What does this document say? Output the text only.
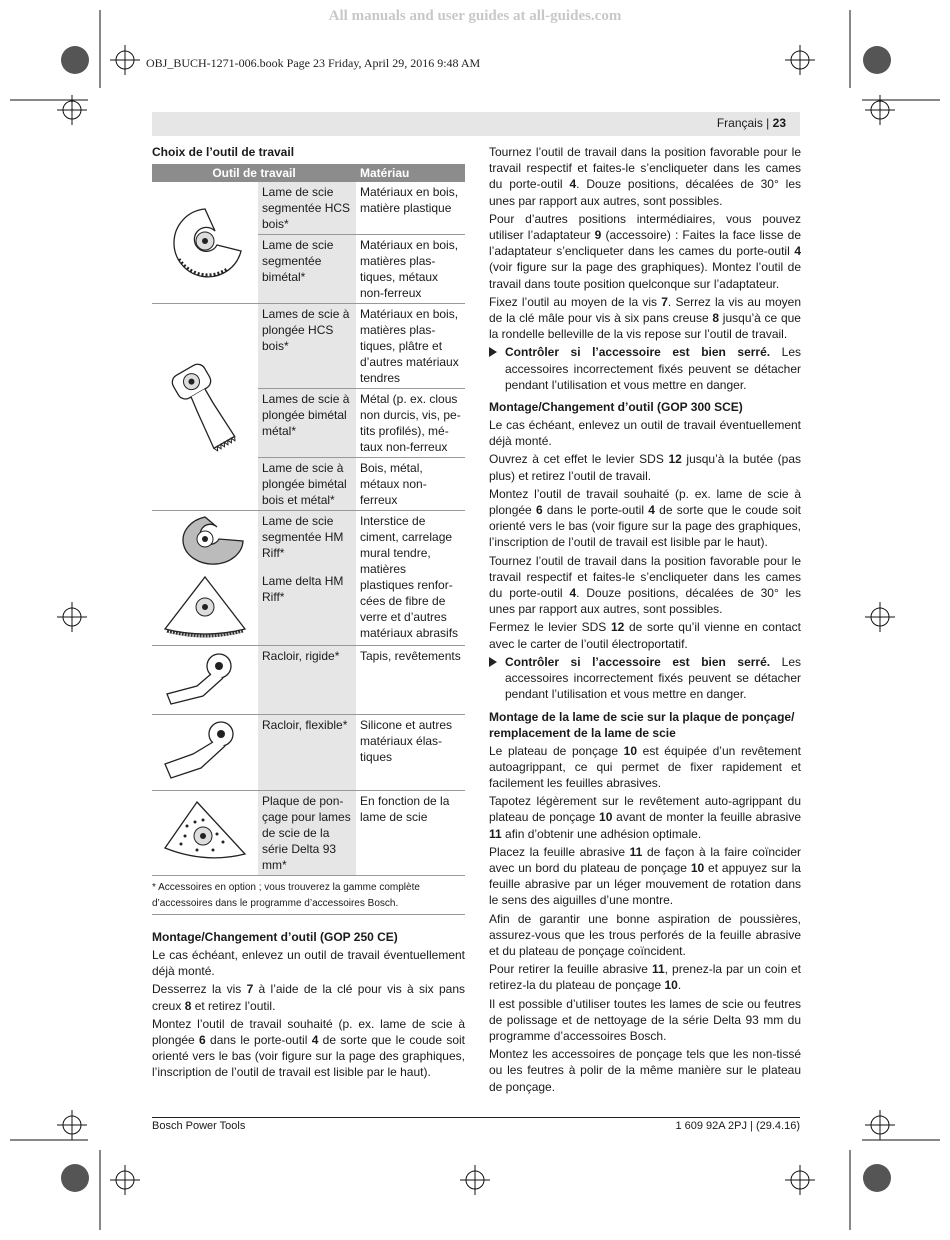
All manuals and user guides at all-guides.com
OBJ_BUCH-1271-006.book Page 23 Friday, April 29, 2016 9:48 AM
Français | 23
Choix de l’outil de travail
Outil de travail		Matériau
	Lame de scie segmentée HCS bois*	Matériaux en bois, matière plastique
	Lame de scie segmentée bimétal*	Matériaux en bois, matières plastiques, métaux non-ferreux
	Lames de scie à plongée HCS bois*	Matériaux en bois, matières plastiques, plâtre et d’autres matériaux tendres
	Lames de scie à plongée bimétal métal*	Métal (p. ex. clous non durcis, vis, petits profilés), métaux non-ferreux
	Lame de scie à plongée bimétal bois et métal*	Bois, métal, métaux non-ferreux
	Lame de scie segmentée HM Riff*	Interstice de ciment, carrelage mural tendre, matières plastiques renforcées de fibre de verre et d’autres matériaux abrasifs
	Lame delta HM Riff*	
	Racloir, rigide*	Tapis, revêtements
	Racloir, flexible*	Silicone et autres matériaux élastiques
	Plaque de ponçage pour lames de scie de la série Delta 93 mm*	En fonction de la lame de scie
* Accessoires en option ; vous trouverez la gamme complète d’accessoires dans le programme d’accessoires Bosch.
Montage/Changement d’outil (GOP 250 CE)

Le cas échéant, enlevez un outil de travail éventuellement déjà monté.

Desserrez la vis 7 à l’aide de la clé pour vis à six pans creux 8 et retirez l’outil.

Montez l’outil de travail souhaité (p. ex. lame de scie à plongée 6 dans le porte-outil 4 de sorte que le coude soit orienté vers le bas (voir figure sur la page des graphiques, l’inscription de l’outil de travail est lisible par le haut).

Tournez l’outil de travail dans la position favorable pour le travail respectif et faites-le s’encliqueter dans les cames du porte-outil 4. Douze positions, décalées de 30° les unes par rapport aux autres, sont possibles.

Pour d’autres positions intermédiaires, vous pouvez utiliser l’adaptateur 9 (accessoire) : Faites la face lisse de l’adaptateur s’encliqueter dans les cames du porte-outil 4 (voir figure sur la page des graphiques). Montez l’outil de travail dans toute position quelconque sur l’adaptateur.

Fixez l’outil au moyen de la vis 7. Serrez la vis au moyen de la clé mâle pour vis à six pans creuse 8 jusqu’à ce que la rondelle belleville de la vis repose sur l’outil de travail.

Contrôler si l’accessoire est bien serré. Les accessoires incorrectement fixés peuvent se détacher pendant l’utilisation et vous mettre en danger.
Montage/Changement d’outil (GOP 300 SCE)

Le cas échéant, enlevez un outil de travail éventuellement déjà monté.

Ouvrez à cet effet le levier SDS 12 jusqu’à la butée (pas plus) et retirez l’outil de travail.

Montez l’outil de travail souhaité (p. ex. lame de scie à plongée 6 dans le porte-outil 4 de sorte que le coude soit orienté vers le bas (voir figure sur la page des graphiques, l’inscription de l’outil de travail est lisible par le haut).

Tournez l’outil de travail dans la position favorable pour le travail respectif et faites-le s’encliqueter dans les cames du porte-outil 4. Douze positions, décalées de 30° les unes par rapport aux autres, sont possibles.

Fermez le levier SDS 12 de sorte qu’il vienne en contact avec le carter de l’outil électroportatif.

Contrôler si l’accessoire est bien serré. Les accessoires incorrectement fixés peuvent se détacher pendant l’utilisation et vous mettre en danger.
Montage de la lame de scie sur la plaque de ponçage/ remplacement de la lame de scie

Le plateau de ponçage 10 est équipée d’un revêtement autoagrippant, ce qui permet de fixer rapidement et facilement les feuilles abrasives.

Tapotez légèrement sur le revêtement auto-agrippant du plateau de ponçage 10 avant de monter la feuille abrasive 11 afin d’obtenir une adhésion optimale.

Placez la feuille abrasive 11 de façon à la faire coïncider avec un bord du plateau de ponçage 10 et appuyez sur la feuille abrasive par un léger mouvement de rotation dans le sens des aiguilles d’une montre.

Afin de garantir une bonne aspiration de poussières, assurez-vous que les trous perforés de la feuille abrasive et du plateau de ponçage coïncident.

Pour retirer la feuille abrasive 11, prenez-la par un coin et retirez-la du plateau de ponçage 10.

Il est possible d’utiliser toutes les lames de scie ou feutres de polissage et de nettoyage de la série Delta 93 mm du programme d’accessoires Bosch.

Montez les accessoires de ponçage tels que les non-tissé ou les feutres à polir de la même manière sur le plateau de ponçage.

Bosch Power Tools	1 609 92A 2PJ | (29.4.16)
